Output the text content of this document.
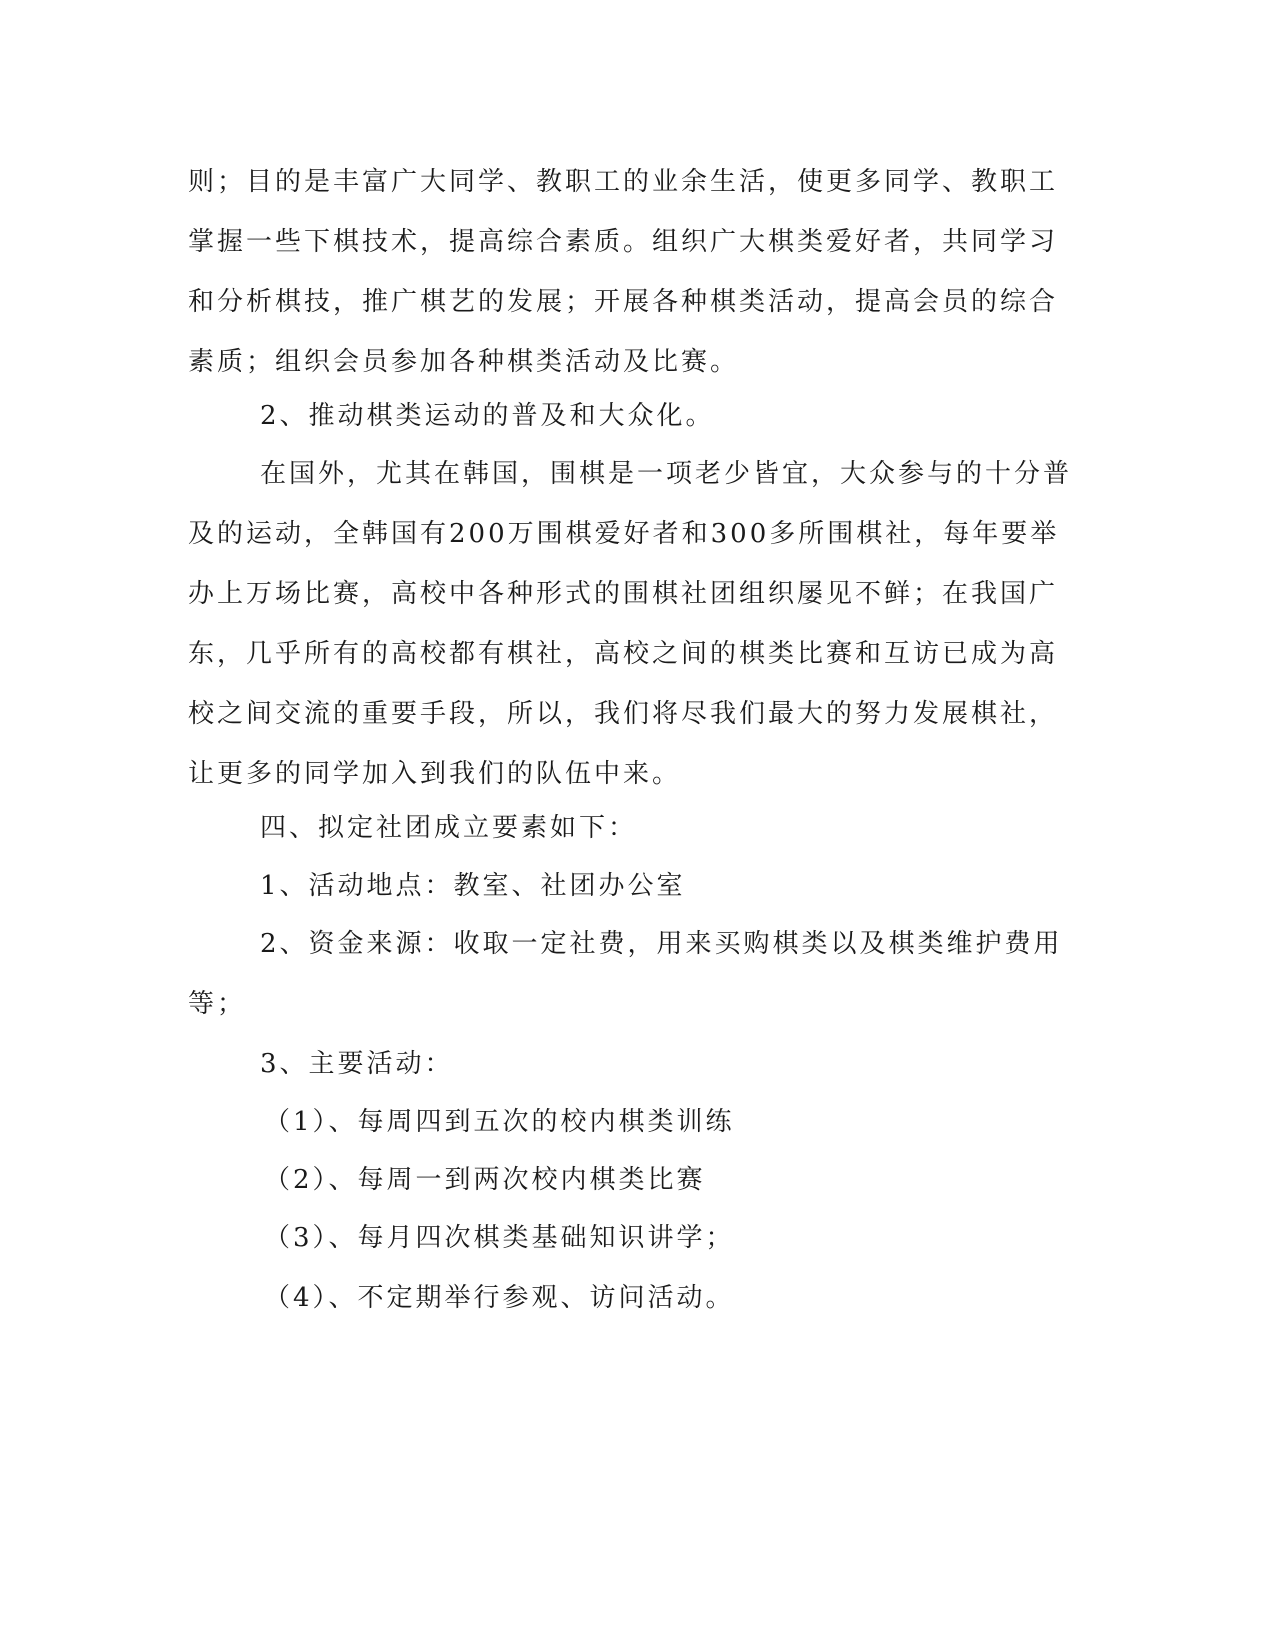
则；目的是丰富广大同学、教职工的业余生活，使更多同学、教职工
掌握一些下棋技术，提高综合素质。组织广大棋类爱好者，共同学习
和分析棋技，推广棋艺的发展；开展各种棋类活动，提高会员的综合
素质；组织会员参加各种棋类活动及比赛。
2、推动棋类运动的普及和大众化。
在国外，尤其在韩国，围棋是一项老少皆宜，大众参与的十分普
及的运动，全韩国有200万围棋爱好者和300多所围棋社，每年要举
办上万场比赛，高校中各种形式的围棋社团组织屡见不鲜；在我国广
东，几乎所有的高校都有棋社，高校之间的棋类比赛和互访已成为高
校之间交流的重要手段，所以，我们将尽我们最大的努力发展棋社，
让更多的同学加入到我们的队伍中来。
四、拟定社团成立要素如下：
1、活动地点：教室、社团办公室
2、资金来源：收取一定社费，用来买购棋类以及棋类维护费用
等；
3、主要活动：
（1）、每周四到五次的校内棋类训练
（2）、每周一到两次校内棋类比赛
（3）、每月四次棋类基础知识讲学；
（4）、不定期举行参观、访问活动。
